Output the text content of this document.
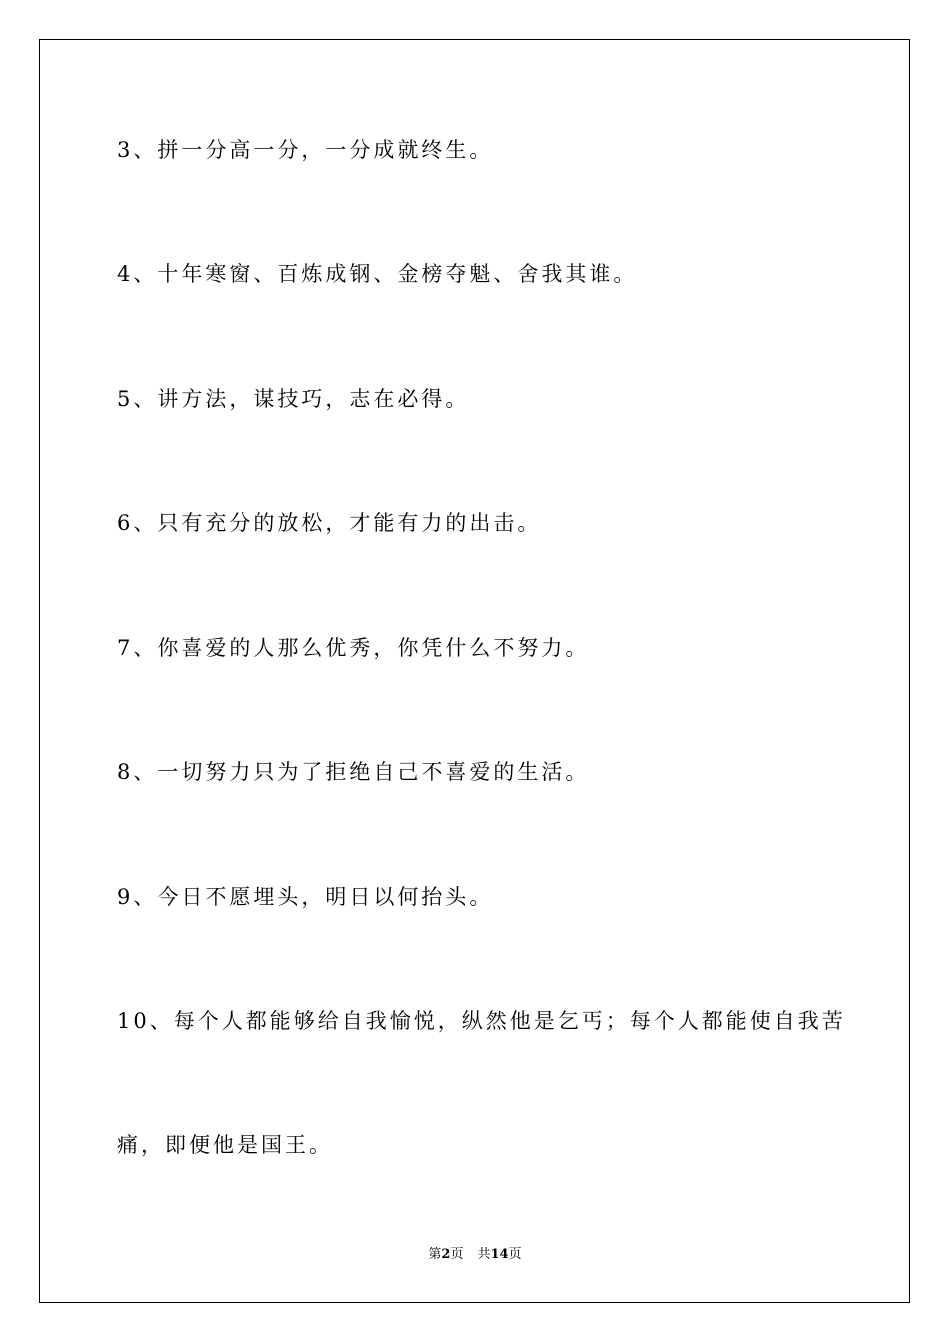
3、拼一分高一分，一分成就终生。
4、十年寒窗、百炼成钢、金榜夺魁、舍我其谁。
5、讲方法，谋技巧，志在必得。
6、只有充分的放松，才能有力的出击。
7、你喜爱的人那么优秀，你凭什么不努力。
8、一切努力只为了拒绝自己不喜爱的生活。
9、今日不愿埋头，明日以何抬头。
10、每个人都能够给自我愉悦，纵然他是乞丐；每个人都能使自我苦
痛，即便他是国王。
第2页 共14页
